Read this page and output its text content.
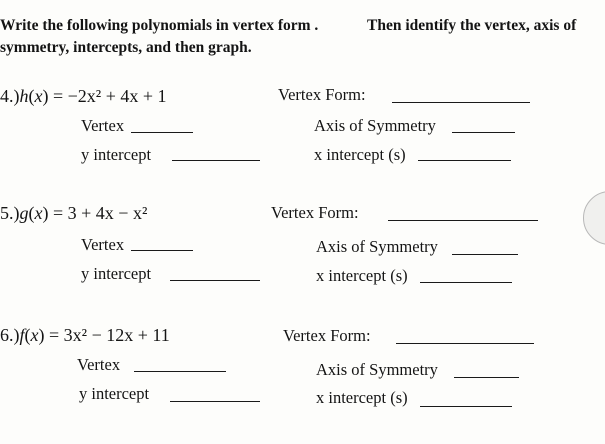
Write the following polynomials in vertex form .	Then identify the vertex, axis of
symmetry, intercepts, and then graph.
4.)h(x) = −2x² + 4x + 1	Vertex Form:
Vertex	Axis of Symmetry
y intercept	x intercept (s)
5.)g(x) = 3 + 4x − x²	Vertex Form:
Vertex	Axis of Symmetry
y intercept	x intercept (s)
6.)f(x) = 3x² − 12x + 11	Vertex Form:
Vertex	Axis of Symmetry
y intercept	x intercept (s)
